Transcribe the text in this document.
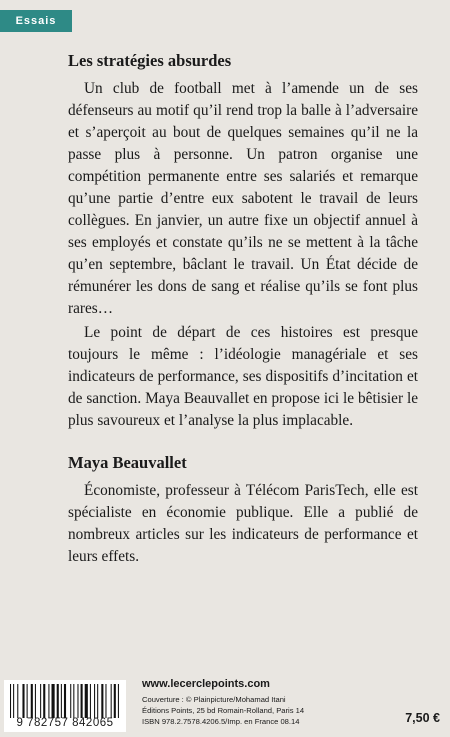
Essais
Les stratégies absurdes

Un club de football met à l’amende un de ses défenseurs au motif qu’il rend trop la balle à l’adversaire et s’aperçoit au bout de quelques semaines qu’il ne la passe plus à personne. Un patron organise une compétition permanente entre ses salariés et remarque qu’une partie d’entre eux sabotent le travail de leurs collègues. En janvier, un autre fixe un objectif annuel à ses employés et constate qu’ils ne se mettent à la tâche qu’en septembre, bâclant le travail. Un État décide de rémunérer les dons de sang et réalise qu’ils se font plus rares…

Le point de départ de ces histoires est presque toujours le même : l’idéologie managériale et ses indicateurs de performance, ses dispositifs d’incitation et de sanction. Maya Beauvallet en propose ici le bêtisier le plus savoureux et l’analyse la plus implacable.

Maya Beauvallet

Économiste, professeur à Télécom ParisTech, elle est spécialiste en économie publique. Elle a publié de nombreux articles sur les indicateurs de performance et leurs effets.

9 782757 842065
www.lecerclepoints.com
Couverture : © Plainpicture/Mohamad Itani
Éditions Points, 25 bd Romain-Rolland, Paris 14
ISBN 978.2.7578.4206.5/Imp. en France 08.14	7,50 €
